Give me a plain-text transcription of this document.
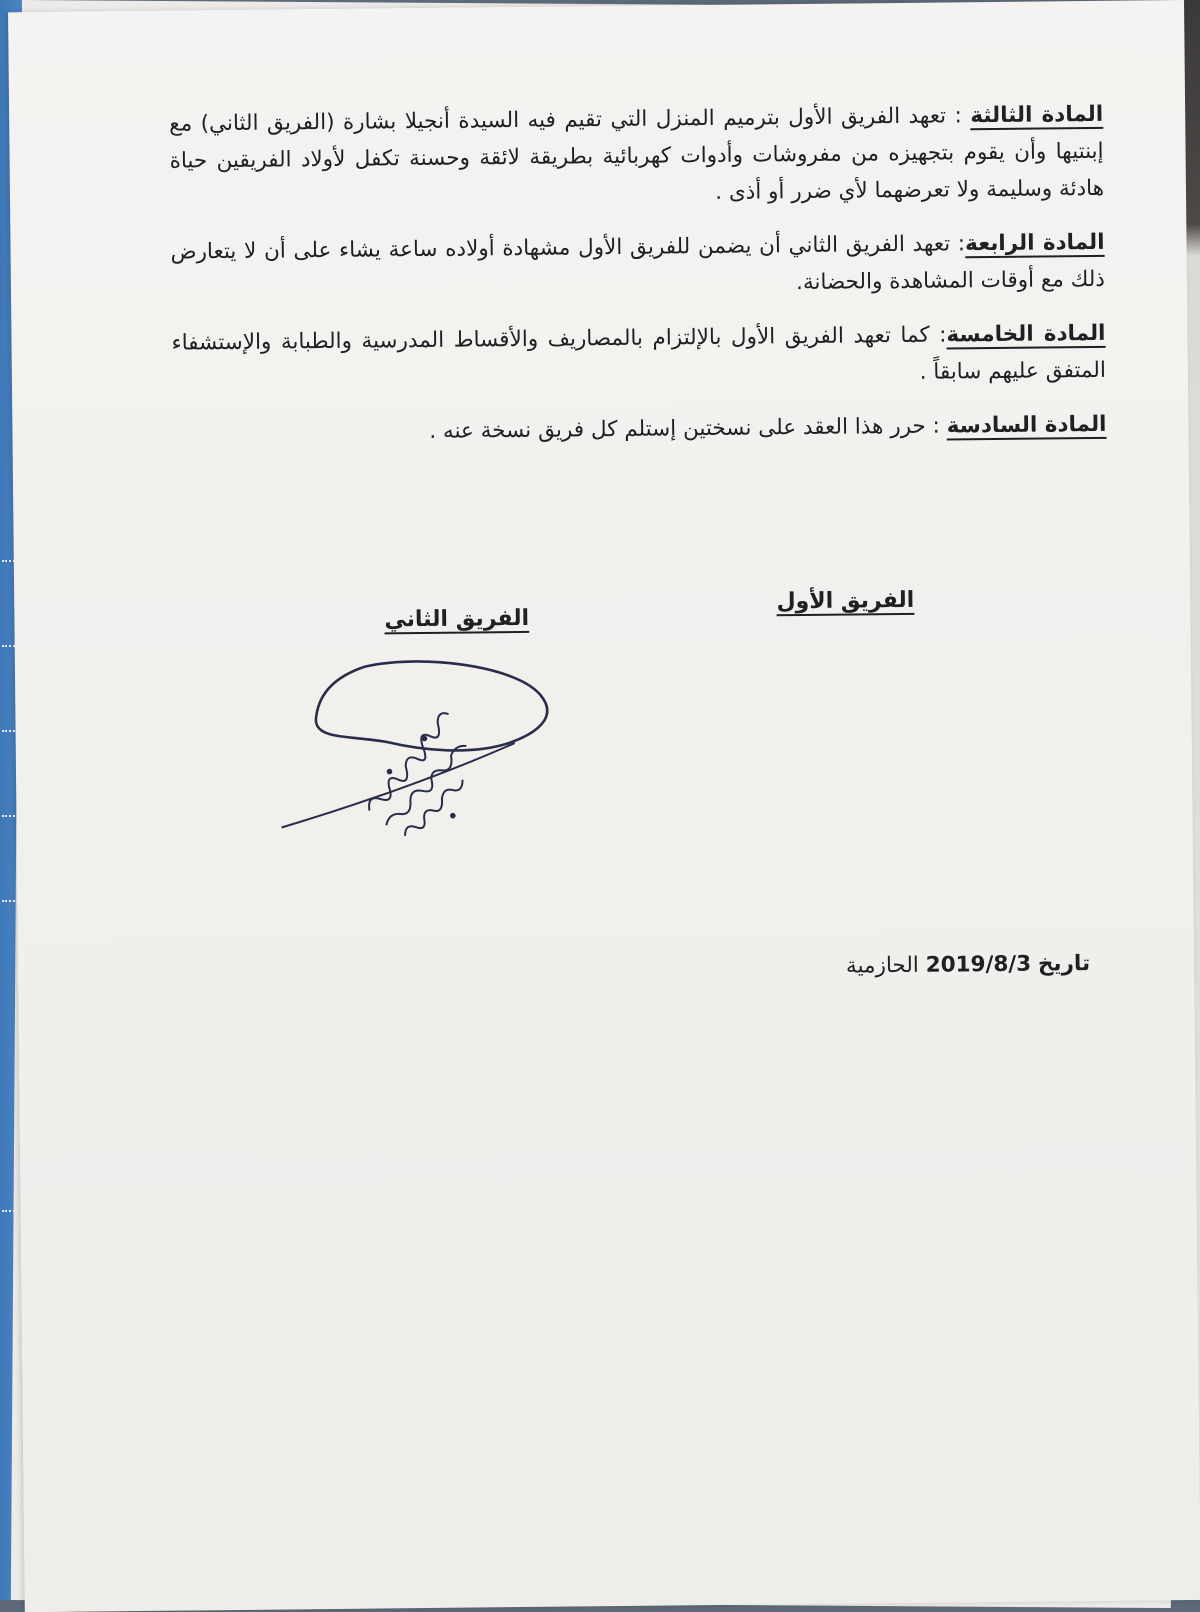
المادة الثالثة : تعهد الفريق الأول بترميم المنزل التي تقيم فيه السيدة أنجيلا بشارة (الفريق الثاني) مع إبنتيها وأن يقوم بتجهيزه من مفروشات وأدوات كهربائية بطريقة لائقة وحسنة تكفل لأولاد الفريقين حياة هادئة وسليمة ولا تعرضهما لأي ضرر أو أذى .

المادة الرابعة: تعهد الفريق الثاني أن يضمن للفريق الأول مشهادة أولاده ساعة يشاء على أن لا يتعارض ذلك مع أوقات المشاهدة والحضانة.

المادة الخامسة: كما تعهد الفريق الأول بالإلتزام بالمصاريف والأقساط المدرسية والطبابة والإستشفاء المتفق عليهم سابقاً .

المادة السادسة : حرر هذا العقد على نسختين إستلم كل فريق نسخة عنه .

الفريق الأول
الفريق الثاني
تاريخ 2019/8/3 الحازمية
